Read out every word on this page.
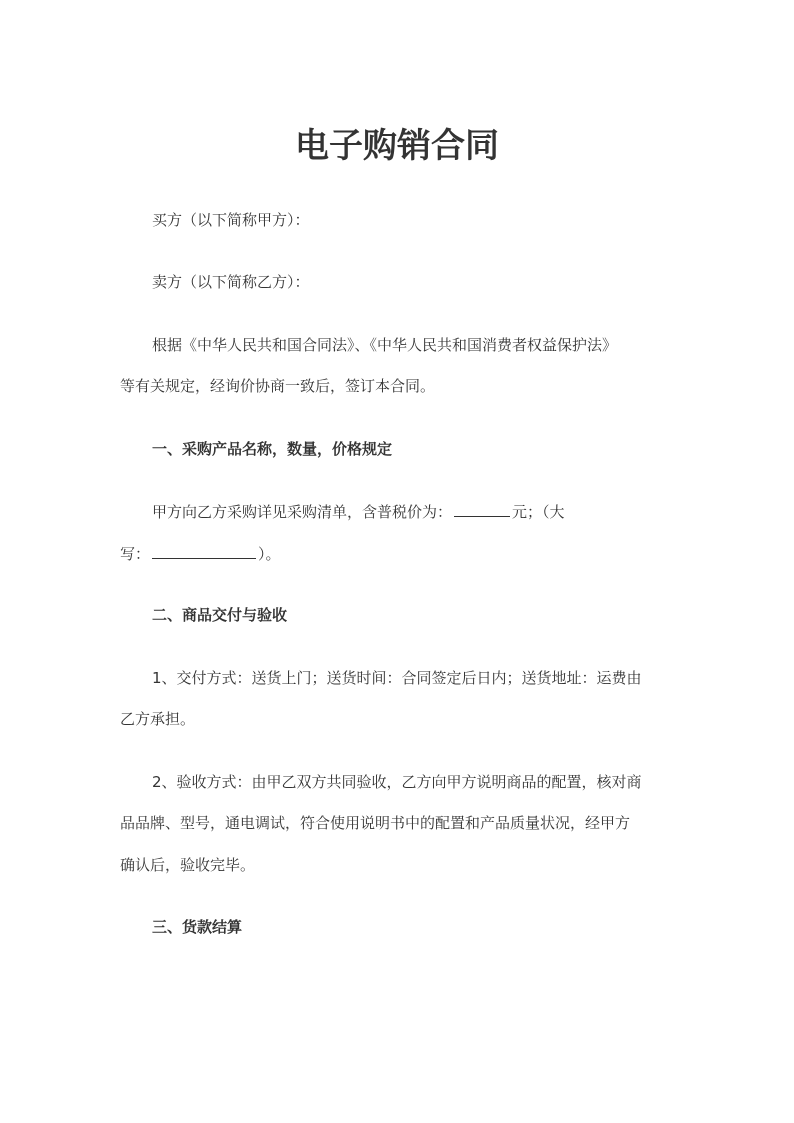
电子购销合同

买方（以下简称甲方）：

卖方（以下简称乙方）：

根据《中华人民共和国合同法》、《中华人民共和国消费者权益保护法》

等有关规定，经询价协商一致后，签订本合同。

一、采购产品名称，数量，价格规定

甲方向乙方采购详见采购清单，含普税价为：	元；（大

写：	）。

二、商品交付与验收

1、交付方式：送货上门；送货时间：合同签定后日内；送货地址：运费由

乙方承担。

2、验收方式：由甲乙双方共同验收，乙方向甲方说明商品的配置，核对商

品品牌、型号，通电调试，符合使用说明书中的配置和产品质量状况，经甲方

确认后，验收完毕。

三、货款结算
